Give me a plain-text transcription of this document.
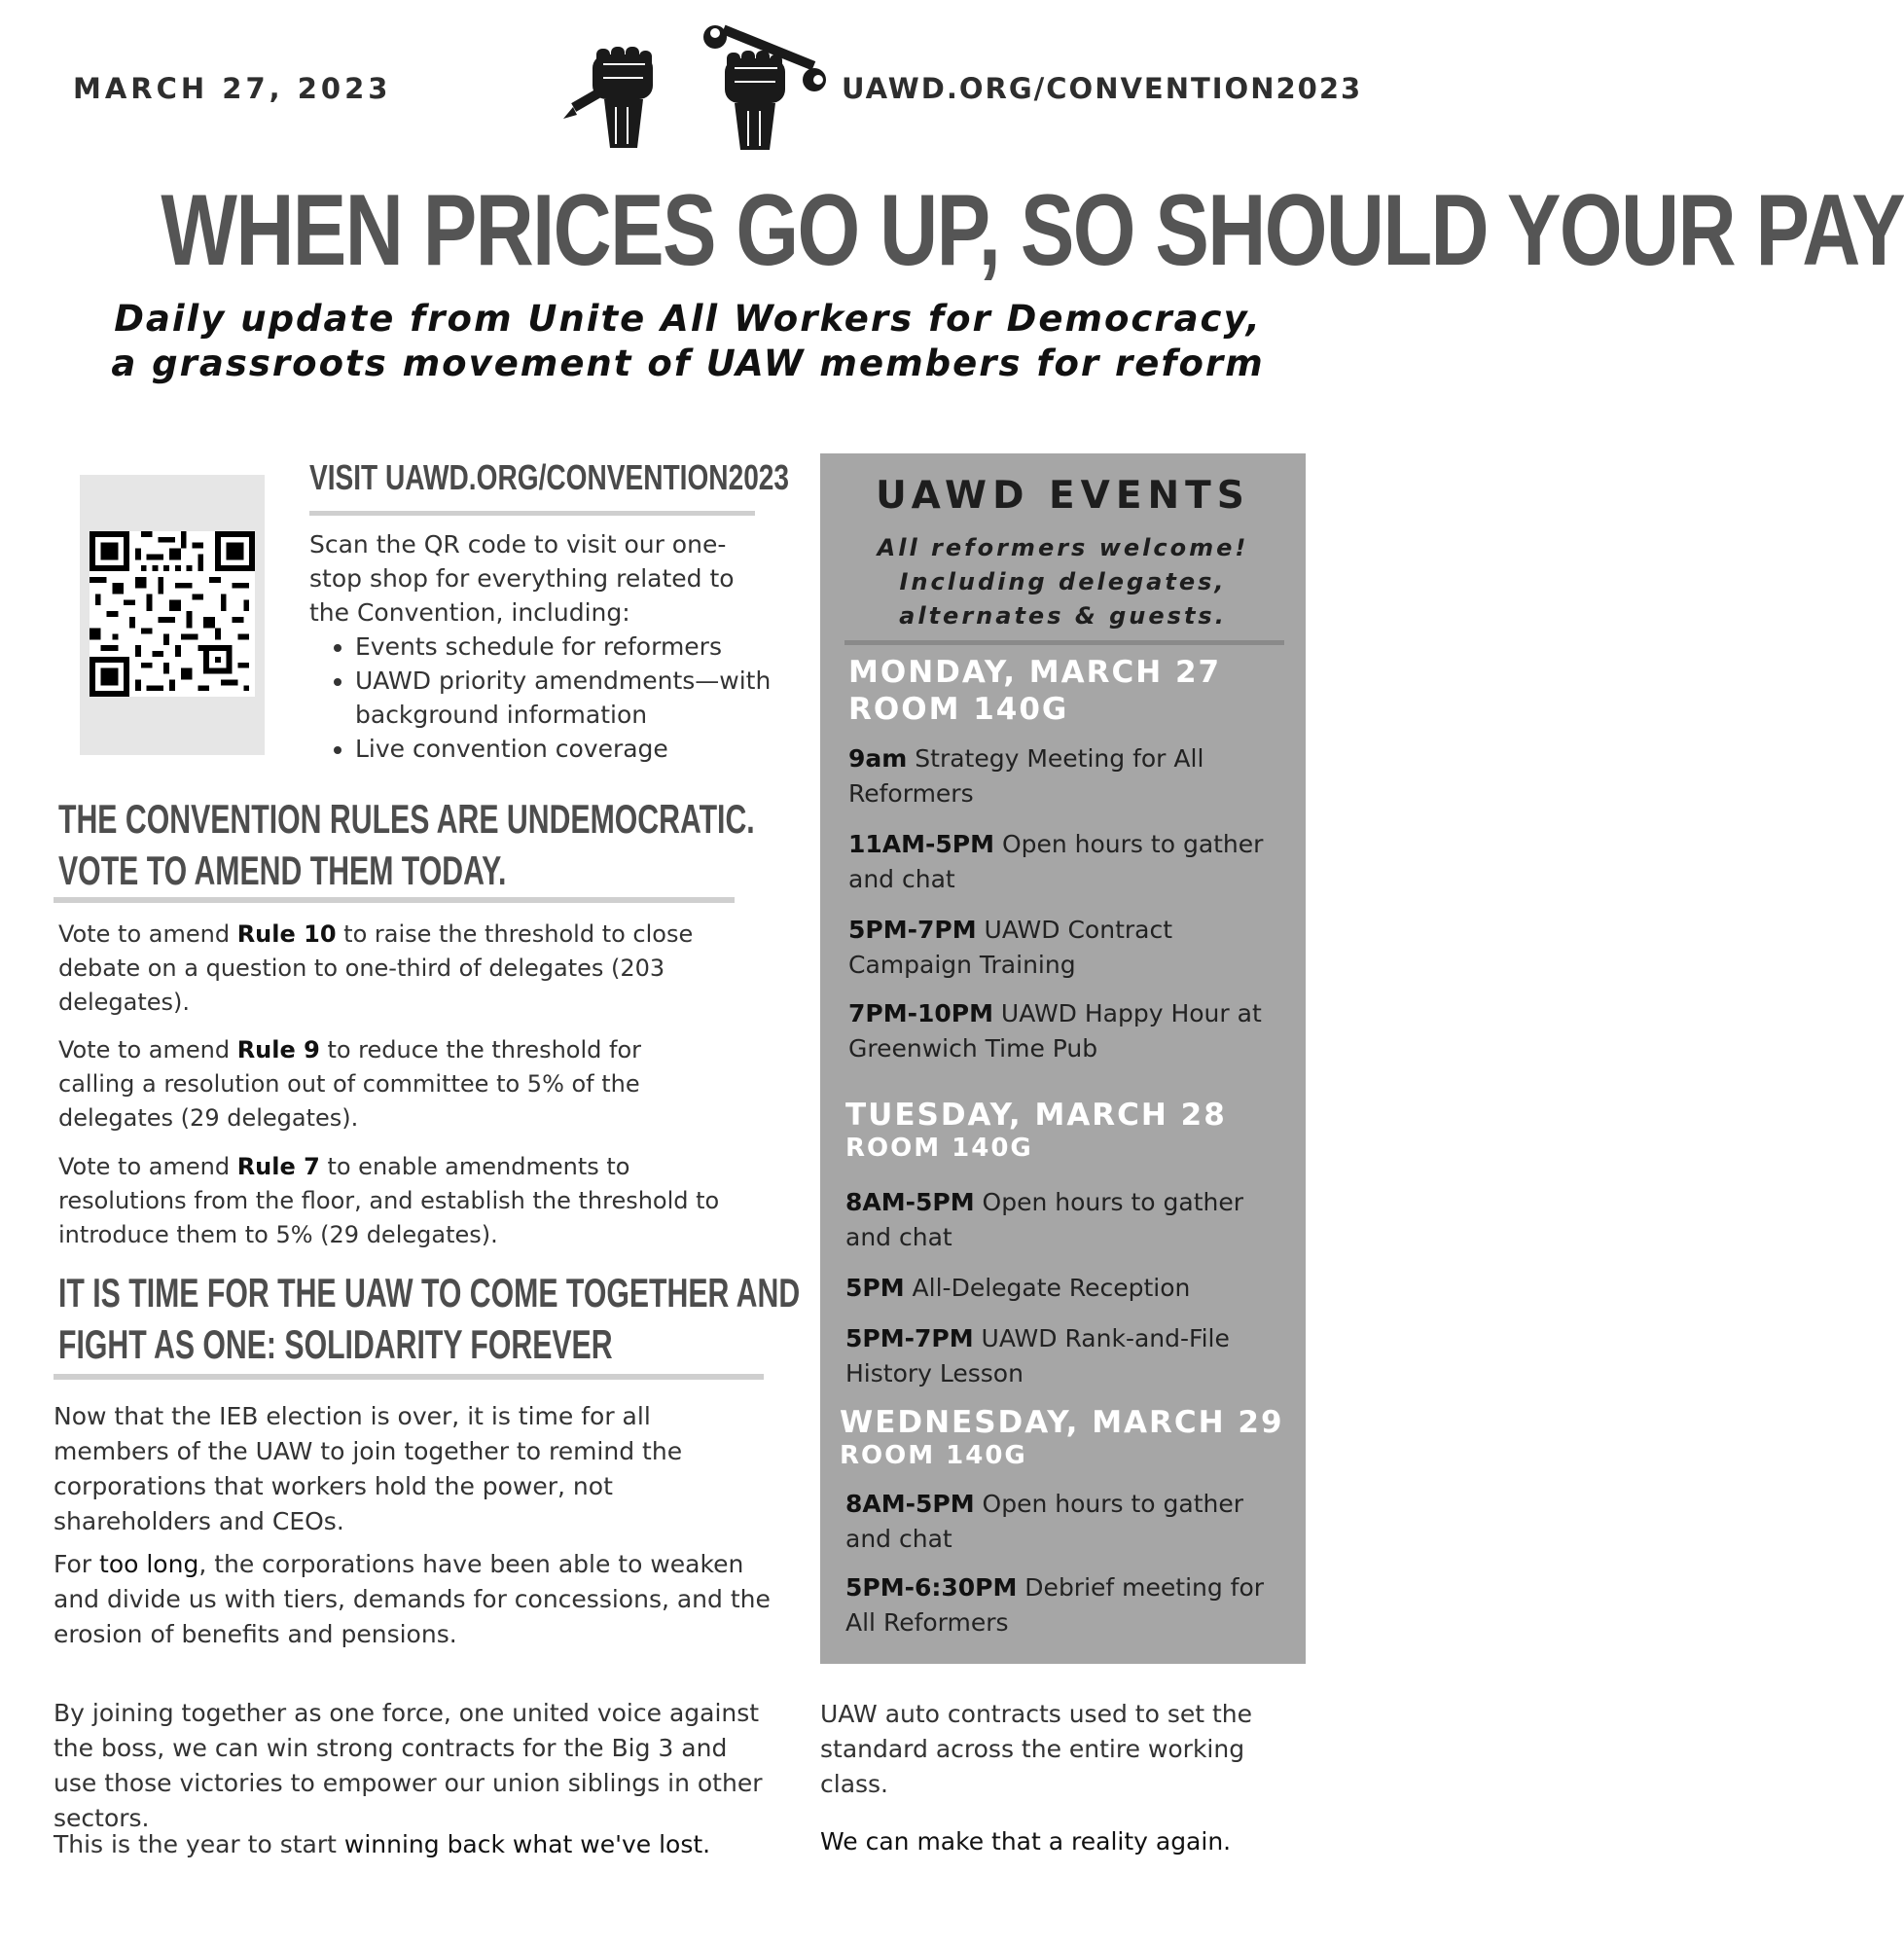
MARCH 27, 2023	UAWD.ORG/CONVENTION2023
WHEN PRICES GO UP, SO SHOULD YOUR PAY
Daily update from Unite All Workers for Democracy,
a grassroots movement of UAW members for reform
VISIT UAWD.ORG/CONVENTION2023
Scan the QR code to visit our one-stop shop for everything related to the Convention, including:
• Events schedule for reformers
• UAWD priority amendments—with background information
• Live convention coverage
THE CONVENTION RULES ARE UNDEMOCRATIC.
VOTE TO AMEND THEM TODAY.
Vote to amend Rule 10 to raise the threshold to close debate on a question to one-third of delegates (203 delegates).
Vote to amend Rule 9 to reduce the threshold for calling a resolution out of committee to 5% of the delegates (29 delegates).
Vote to amend Rule 7 to enable amendments to resolutions from the floor, and establish the threshold to introduce them to 5% (29 delegates).
IT IS TIME FOR THE UAW TO COME TOGETHER AND
FIGHT AS ONE: SOLIDARITY FOREVER
Now that the IEB election is over, it is time for all members of the UAW to join together to remind the corporations that workers hold the power, not shareholders and CEOs.
For too long, the corporations have been able to weaken and divide us with tiers, demands for concessions, and the erosion of benefits and pensions.
By joining together as one force, one united voice against the boss, we can win strong contracts for the Big 3 and use those victories to empower our union siblings in other sectors.
This is the year to start winning back what we've lost.
UAWD EVENTS
All reformers welcome!
Including delegates,
alternates & guests.
MONDAY, MARCH 27
ROOM 140G
9am Strategy Meeting for All Reformers
11AM-5PM Open hours to gather and chat
5PM-7PM UAWD Contract Campaign Training
7PM-10PM UAWD Happy Hour at Greenwich Time Pub
TUESDAY, MARCH 28
ROOM 140G
8AM-5PM Open hours to gather and chat
5PM All-Delegate Reception
5PM-7PM UAWD Rank-and-File History Lesson
WEDNESDAY, MARCH 29
ROOM 140G
8AM-5PM Open hours to gather and chat
5PM-6:30PM Debrief meeting for All Reformers
UAW auto contracts used to set the standard across the entire working class.
We can make that a reality again.
